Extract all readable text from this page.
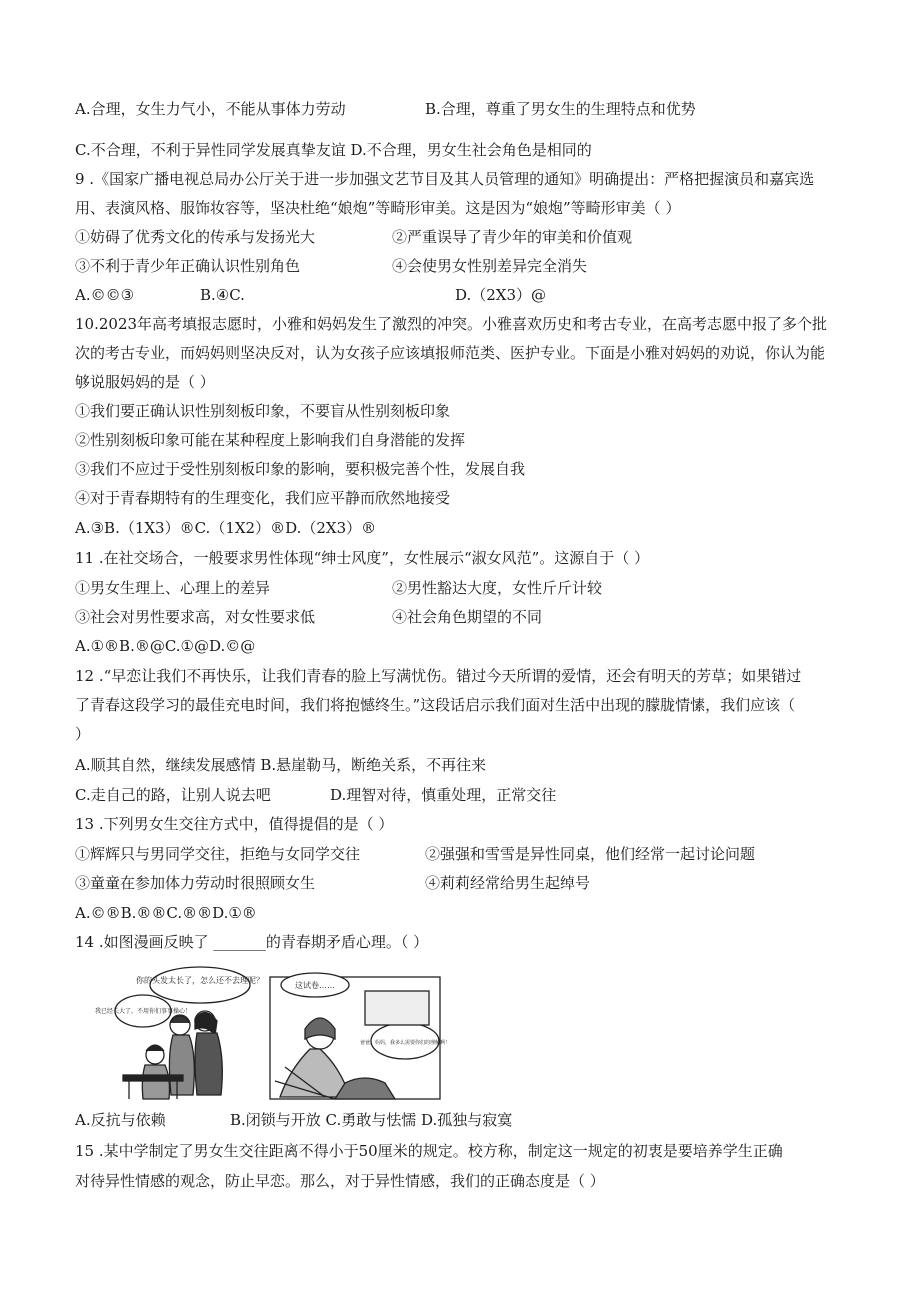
A.合理，女生力气小，不能从事体力劳动	B.合理，尊重了男女生的生理特点和优势
C.不合理，不利于异性同学发展真挚友谊 D.不合理，男女生社会角色是相同的
9 .《国家广播电视总局办公厅关于进一步加强文艺节目及其人员管理的通知》明确提出：严格把握演员和嘉宾选
用、表演风格、服饰妆容等，坚决杜绝“娘炮”等畸形审美。这是因为“娘炮”等畸形审美（ ）
①妨碍了优秀文化的传承与发扬光大	②严重误导了青少年的审美和价值观
③不利于青少年正确认识性别角色	④会使男女性别差异完全消失
A.©©③	B.④C.	D.（2X3）@
10.2023年高考填报志愿时，小雅和妈妈发生了激烈的冲突。小雅喜欢历史和考古专业，在高考志愿中报了多个批
次的考古专业，而妈妈则坚决反对，认为女孩子应该填报师范类、医护专业。下面是小雅对妈妈的劝说，你认为能
够说服妈妈的是（ ）
①我们要正确认识性别刻板印象，不要盲从性别刻板印象
②性别刻板印象可能在某种程度上影响我们自身潜能的发挥
③我们不应过于受性别刻板印象的影响，要积极完善个性，发展自我
④对于青春期特有的生理变化，我们应平静而欣然地接受
A.③B.（1X3）®C.（1X2）®D.（2X3）®
11 .在社交场合，一般要求男性体现“绅士风度”，女性展示“淑女风范”。这源自于（ ）
①男女生理上、心理上的差异	②男性豁达大度，女性斤斤计较
③社会对男性要求高，对女性要求低	④社会角色期望的不同
A.①®B.®@C.①@D.©@
12 .“早恋让我们不再快乐，让我们青春的脸上写满忧伤。错过今天所谓的爱情，还会有明天的芳草；如果错过
了青春这段学习的最佳充电时间，我们将抱憾终生。”这段话启示我们面对生活中出现的朦胧情愫，我们应该（
）
A.顺其自然，继续发展感情 B.悬崖勒马，断绝关系，不再往来
C.走自己的路，让别人说去吧	D.理智对待，慎重处理，正常交往
13 .下列男女生交往方式中，值得提倡的是（ ）
①辉辉只与男同学交往，拒绝与女同学交往	②强强和雪雪是异性同桌，他们经常一起讨论问题
③童童在参加体力劳动时很照顾女生	④莉莉经常给男生起绰号
A.©®B.®®C.®®D.①®
14 .如图漫画反映了 _______的青春期矛盾心理。（ ）
你的头发太长了，怎么还不去理呢？
我已经长大了，不用你们事事操心！
这试卷……
爸爸，妈妈，我多么需要你们的理解啊！
A.反抗与依赖	B.闭锁与开放 C.勇敢与怯懦 D.孤独与寂寞
15 .某中学制定了男女生交往距离不得小于50厘米的规定。校方称，制定这一规定的初衷是要培养学生正确
对待异性情感的观念，防止早恋。那么，对于异性情感，我们的正确态度是（ ）
